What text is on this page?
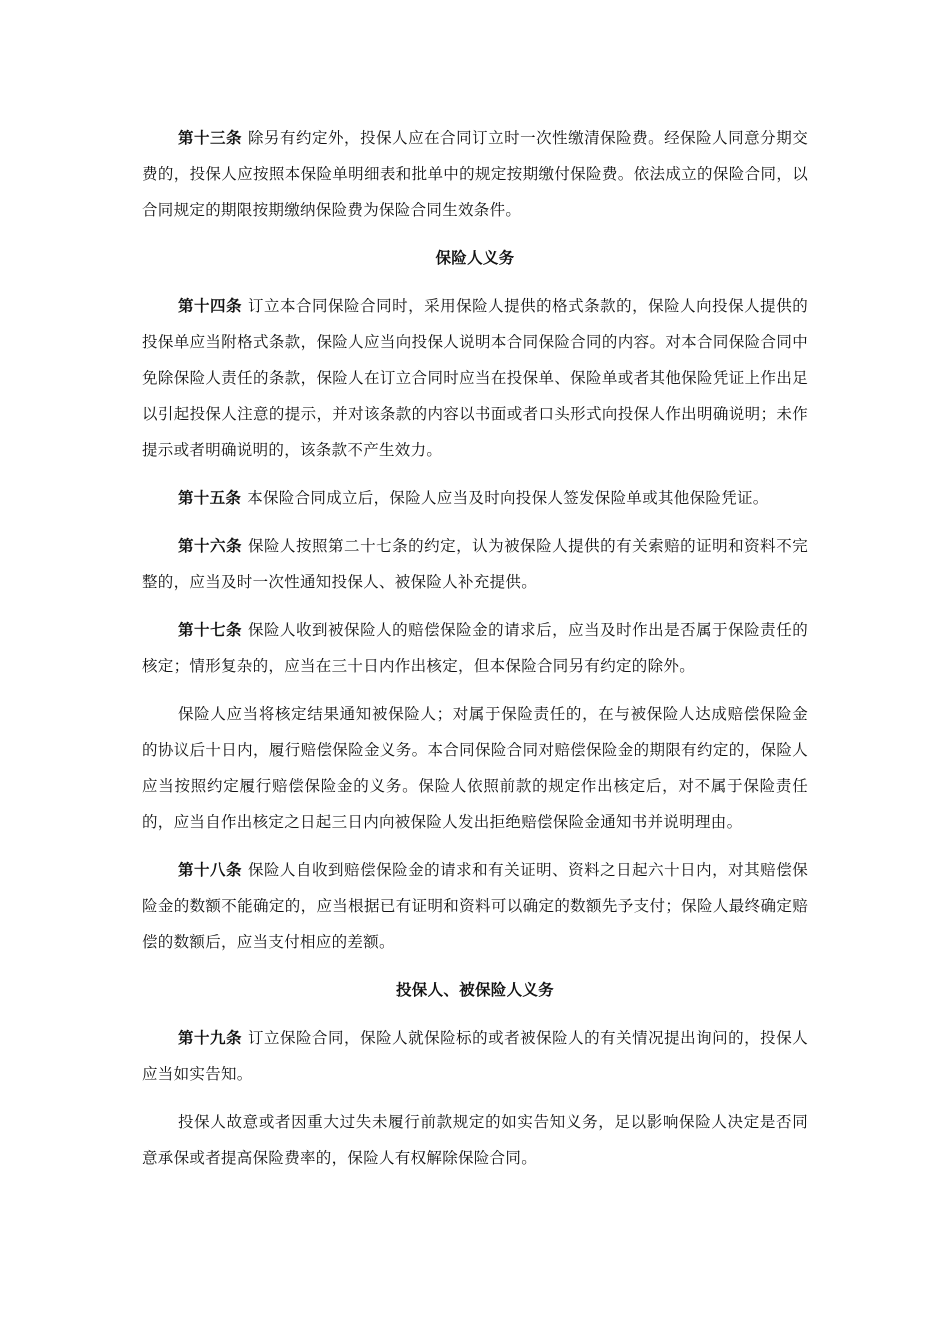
第十三条 除另有约定外，投保人应在合同订立时一次性缴清保险费。经保险人同意分期交费的，投保人应按照本保险单明细表和批单中的规定按期缴付保险费。依法成立的保险合同，以合同规定的期限按期缴纳保险费为保险合同生效条件。

保险人义务

第十四条 订立本合同保险合同时，采用保险人提供的格式条款的，保险人向投保人提供的投保单应当附格式条款，保险人应当向投保人说明本合同保险合同的内容。对本合同保险合同中免除保险人责任的条款，保险人在订立合同时应当在投保单、保险单或者其他保险凭证上作出足以引起投保人注意的提示，并对该条款的内容以书面或者口头形式向投保人作出明确说明；未作提示或者明确说明的，该条款不产生效力。

第十五条 本保险合同成立后，保险人应当及时向投保人签发保险单或其他保险凭证。

第十六条 保险人按照第二十七条的约定，认为被保险人提供的有关索赔的证明和资料不完整的，应当及时一次性通知投保人、被保险人补充提供。

第十七条 保险人收到被保险人的赔偿保险金的请求后，应当及时作出是否属于保险责任的核定；情形复杂的，应当在三十日内作出核定，但本保险合同另有约定的除外。

保险人应当将核定结果通知被保险人；对属于保险责任的，在与被保险人达成赔偿保险金的协议后十日内，履行赔偿保险金义务。本合同保险合同对赔偿保险金的期限有约定的，保险人应当按照约定履行赔偿保险金的义务。保险人依照前款的规定作出核定后，对不属于保险责任的，应当自作出核定之日起三日内向被保险人发出拒绝赔偿保险金通知书并说明理由。

第十八条 保险人自收到赔偿保险金的请求和有关证明、资料之日起六十日内，对其赔偿保险金的数额不能确定的，应当根据已有证明和资料可以确定的数额先予支付；保险人最终确定赔偿的数额后，应当支付相应的差额。

投保人、被保险人义务

第十九条 订立保险合同，保险人就保险标的或者被保险人的有关情况提出询问的，投保人应当如实告知。

投保人故意或者因重大过失未履行前款规定的如实告知义务，足以影响保险人决定是否同意承保或者提高保险费率的，保险人有权解除保险合同。
